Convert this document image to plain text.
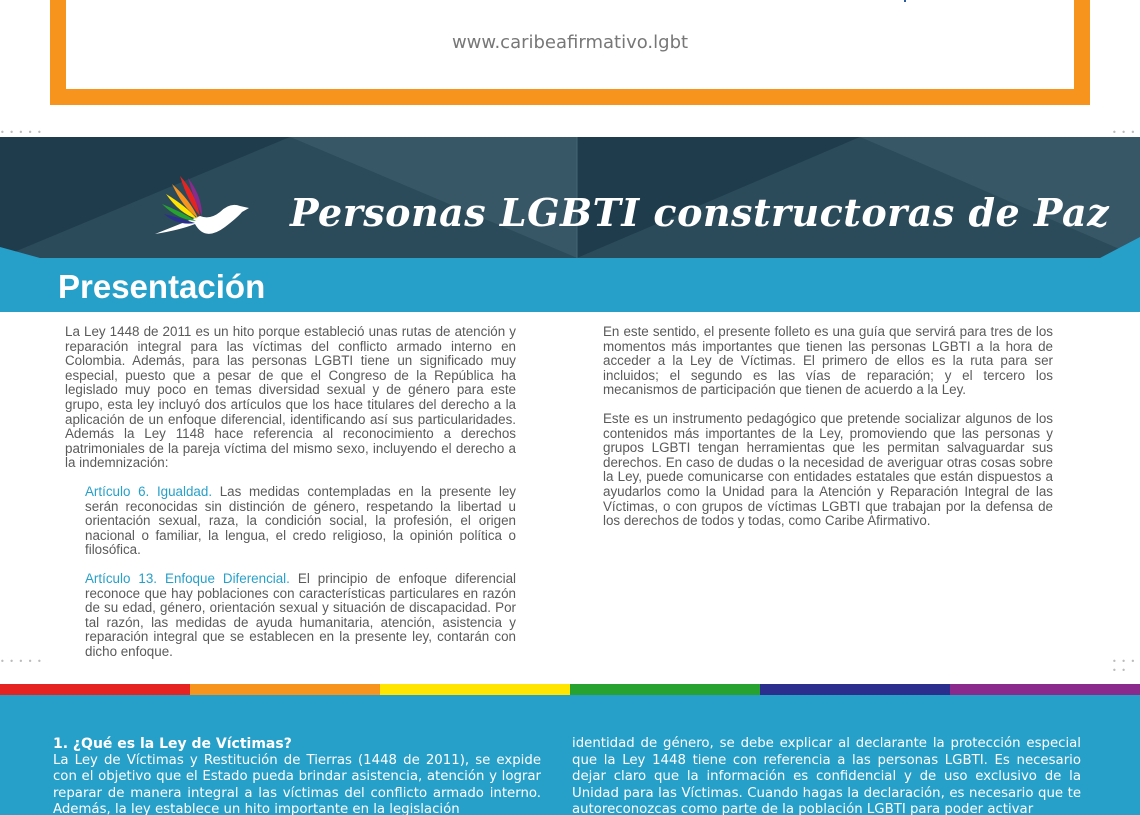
www.caribeafirmativo.lgbt
• • • • •	• • •
Personas LGBTI constructoras de Paz
Presentación

La Ley 1448 de 2011 es un hito porque estableció unas rutas de atención y reparación integral para las víctimas del conflicto armado interno en Colombia. Además, para las personas LGBTI tiene un significado muy especial, puesto que a pesar de que el Congreso de la República ha legislado muy poco en temas diversidad sexual y de género para este grupo, esta ley incluyó dos artículos que los hace titulares del derecho a la aplicación de un enfoque diferencial, identificando así sus particularidades. Además la Ley 1148 hace referencia al reconocimiento a derechos patrimoniales de la pareja víctima del mismo sexo, incluyendo el derecho a la indemnización:

Artículo 6. Igualdad. Las medidas contempladas en la presente ley serán reconocidas sin distinción de género, respetando la libertad u orientación sexual, raza, la condición social, la profesión, el origen nacional o familiar, la lengua, el credo religioso, la opinión política o filosófica.

Artículo 13. Enfoque Diferencial. El principio de enfoque diferencial reconoce que hay poblaciones con características particulares en razón de su edad, género, orientación sexual y situación de discapacidad. Por tal razón, las medidas de ayuda humanitaria, atención, asistencia y reparación integral que se establecen en la presente ley, contarán con dicho enfoque.

En este sentido, el presente folleto es una guía que servirá para tres de los momentos más importantes que tienen las personas LGBTI a la hora de acceder a la Ley de Víctimas. El primero de ellos es la ruta para ser incluidos; el segundo es las vías de reparación; y el tercero los mecanismos de participación que tienen de acuerdo a la Ley.

Este es un instrumento pedagógico que pretende socializar algunos de los contenidos más importantes de la Ley, promoviendo que las personas y grupos LGBTI tengan herramientas que les permitan salvaguardar sus derechos. En caso de dudas o la necesidad de averiguar otras cosas sobre la Ley, puede comunicarse con entidades estatales que están dispuestos a ayudarlos como la Unidad para la Atención y Reparación Integral de las Víctimas, o con grupos de víctimas LGBTI que trabajan por la defensa de los derechos de todos y todas, como Caribe Afirmativo.

• • • • •	• • • • •
1. ¿Qué es la Ley de Víctimas?
La Ley de Víctimas y Restitución de Tierras (1448 de 2011), se expide con el objetivo que el Estado pueda brindar asistencia, atención y lograr reparar de manera integral a las víctimas del conflicto armado interno. Además, la ley establece un hito importante en la legislación
identidad de género, se debe explicar al declarante la protección especial que la Ley 1448 tiene con referencia a las personas LGBTI. Es necesario dejar claro que la información es confidencial y de uso exclusivo de la Unidad para las Víctimas. Cuando hagas la declaración, es necesario que te autoreconozcas como parte de la población LGBTI para poder activar
